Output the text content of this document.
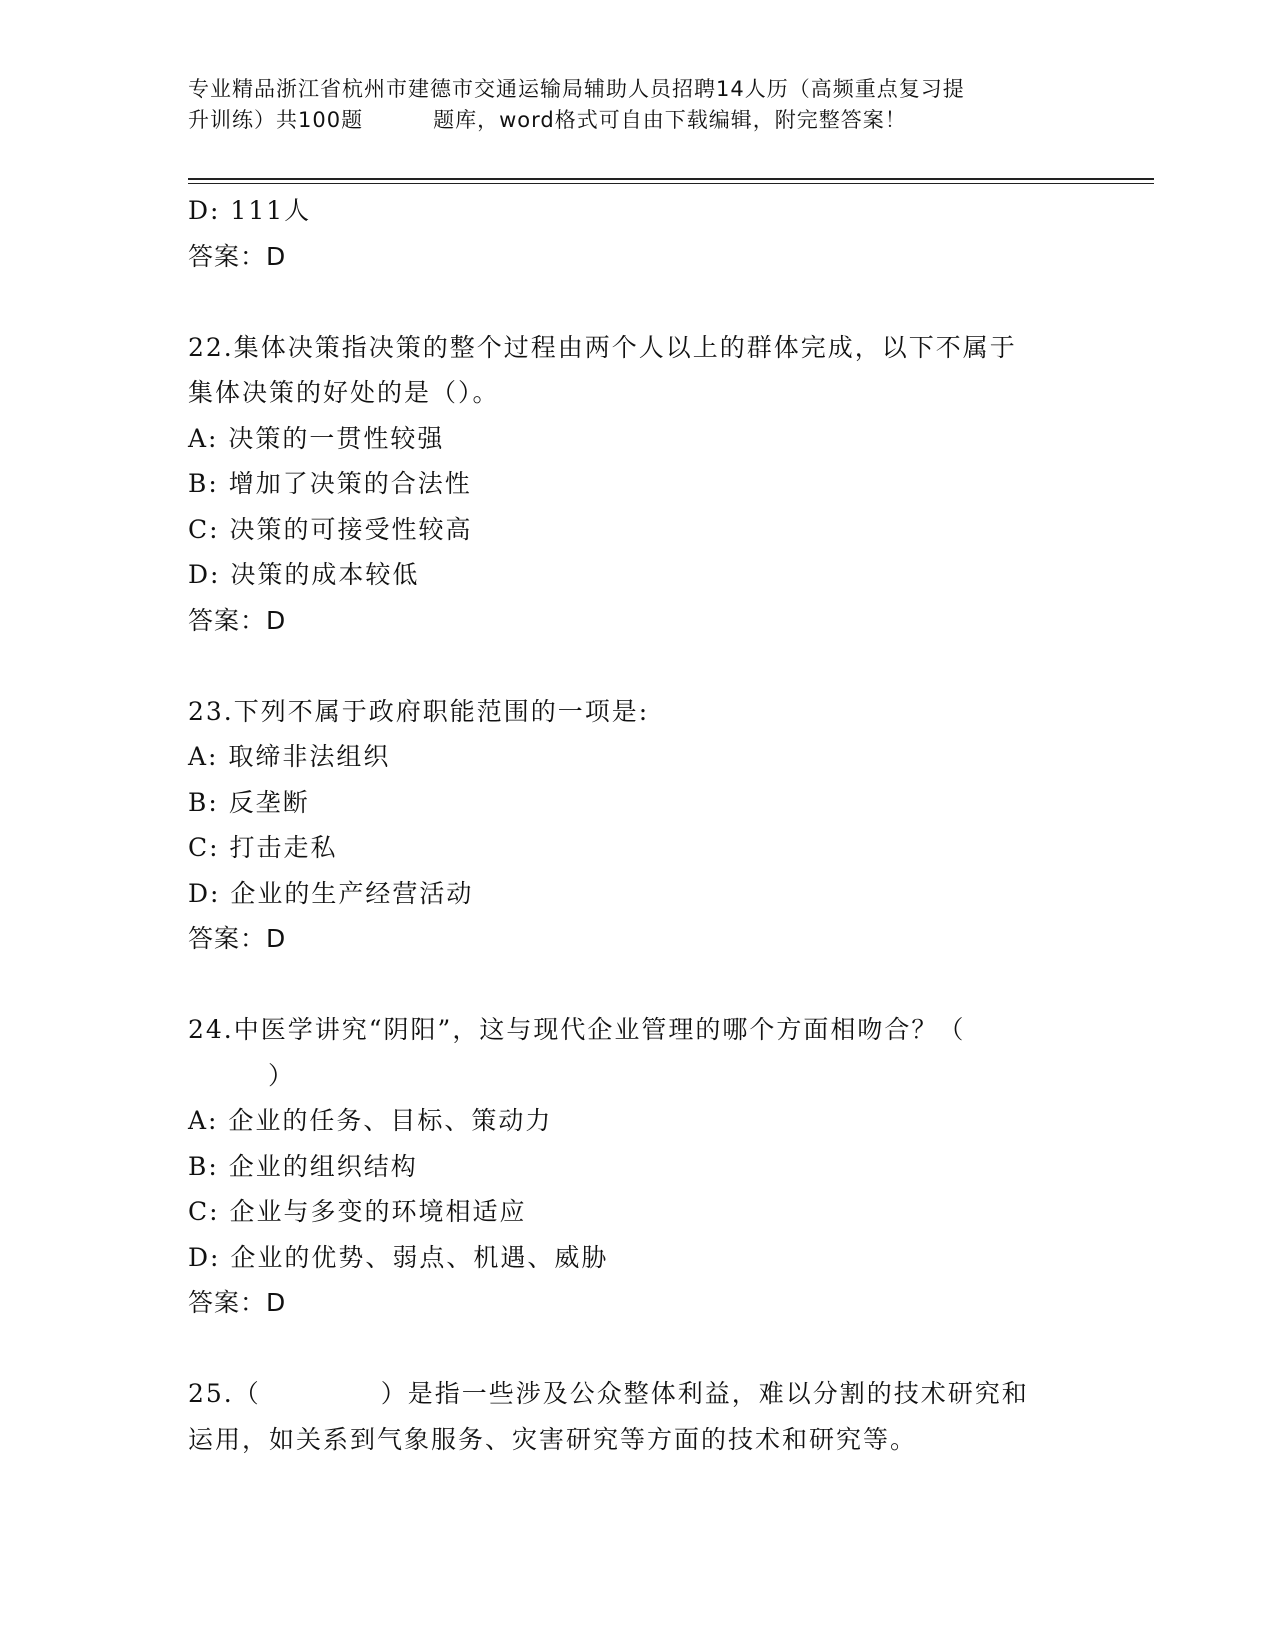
专业精品浙江省杭州市建德市交通运输局辅助人员招聘14人历（高频重点复习提
升训练）共100题	题库，word格式可自由下载编辑，附完整答案！
D: 111人
答案：D
22.集体决策指决策的整个过程由两个人以上的群体完成，以下不属于
集体决策的好处的是（）。
A: 决策的一贯性较强
B: 增加了决策的合法性
C: 决策的可接受性较高
D: 决策的成本较低
答案：D
23.下列不属于政府职能范围的一项是:
A: 取缔非法组织
B: 反垄断
C: 打击走私
D: 企业的生产经营活动
答案：D
24.中医学讲究“阴阳”，这与现代企业管理的哪个方面相吻合？（
）
A: 企业的任务、目标、策动力
B: 企业的组织结构
C: 企业与多变的环境相适应
D: 企业的优势、弱点、机遇、威胁
答案：D
25.（	）是指一些涉及公众整体利益，难以分割的技术研究和
运用，如关系到气象服务、灾害研究等方面的技术和研究等。
